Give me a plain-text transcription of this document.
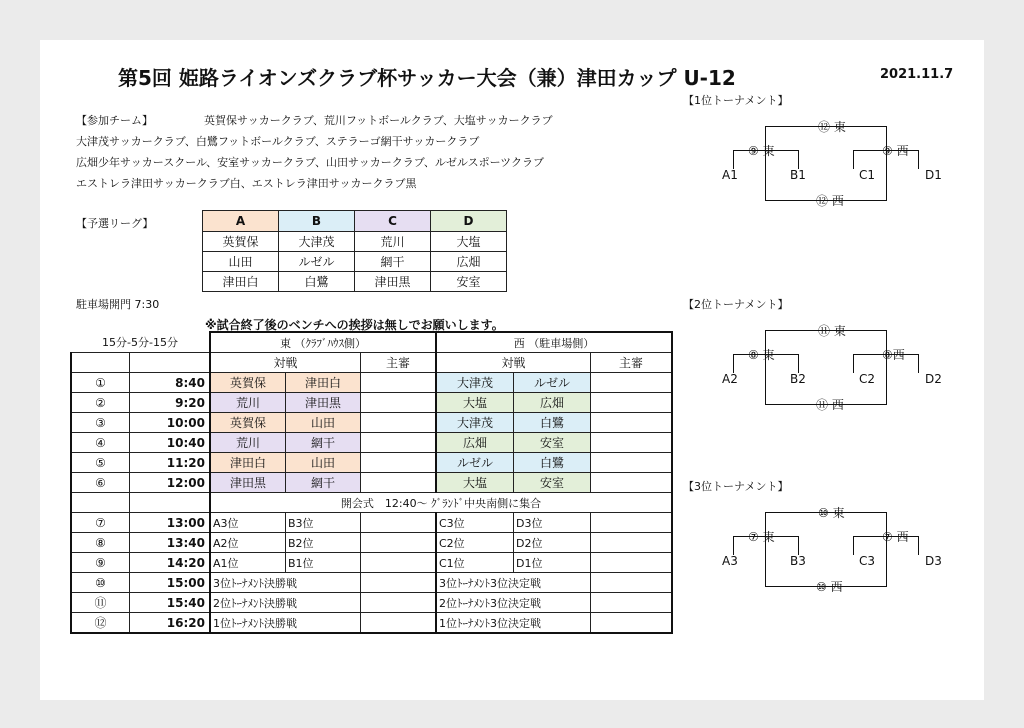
第5回 姫路ライオンズクラブ杯サッカー大会（兼）津田カップ U-12	2021.11.7
【参加チーム】	英賀保サッカークラブ、荒川フットボールクラブ、大塩サッカークラブ
大津茂サッカークラブ、白鷺フットボールクラブ、ステラーゴ網干サッカークラブ
広畑少年サッカースクール、安室サッカークラブ、山田サッカークラブ、ルゼルスポーツクラブ
エストレラ津田サッカークラブ白、エストレラ津田サッカークラブ黒
【予選リーグ】	A	B	C	D
英賀保	大津茂	荒川	大塩
山田	ルゼル	網干	広畑
津田白	白鷺	津田黒	安室
駐車場開門 7:30
※試合終了後のベンチへの挨拶は無しでお願いします。
15分-5分-15分		東 （ｸﾗﾌﾞﾊｳｽ側）			西 （駐車場側）		
		対戦		主審	対戦		主審
①	8:40	英賀保	津田白		大津茂	ルゼル	
②	9:20	荒川	津田黒		大塩	広畑	
③	10:00	英賀保	山田		大津茂	白鷺	
④	10:40	荒川	網干		広畑	安室	
⑤	11:20	津田白	山田		ルゼル	白鷺	
⑥	12:00	津田黒	網干		大塩	安室	
		開会式　12:40～ ｸﾞﾗﾝﾄﾞ中央南側に集合					
⑦	13:00	A3位	B3位		C3位	D3位	
⑧	13:40	A2位	B2位		C2位	D2位	
⑨	14:20	A1位	B1位		C1位	D1位	
⑩	15:00	3位ﾄｰﾅﾒﾝﾄ決勝戦			3位ﾄｰﾅﾒﾝﾄ3位決定戦		
⑪	15:40	2位ﾄｰﾅﾒﾝﾄ決勝戦			2位ﾄｰﾅﾒﾝﾄ3位決定戦		
⑫	16:20	1位ﾄｰﾅﾒﾝﾄ決勝戦			1位ﾄｰﾅﾒﾝﾄ3位決定戦		
【1位トーナメント】
⑫ 東
⑨ 東	⑨ 西
⑫ 西
A1	B1	C1	D1
【2位トーナメント】
⑪ 東
⑧ 東	⑧西
⑪ 西
A2	B2	C2	D2
【3位トーナメント】
⑩ 東
⑦ 東	⑦ 西
⑩ 西
A3	B3	C3	D3
